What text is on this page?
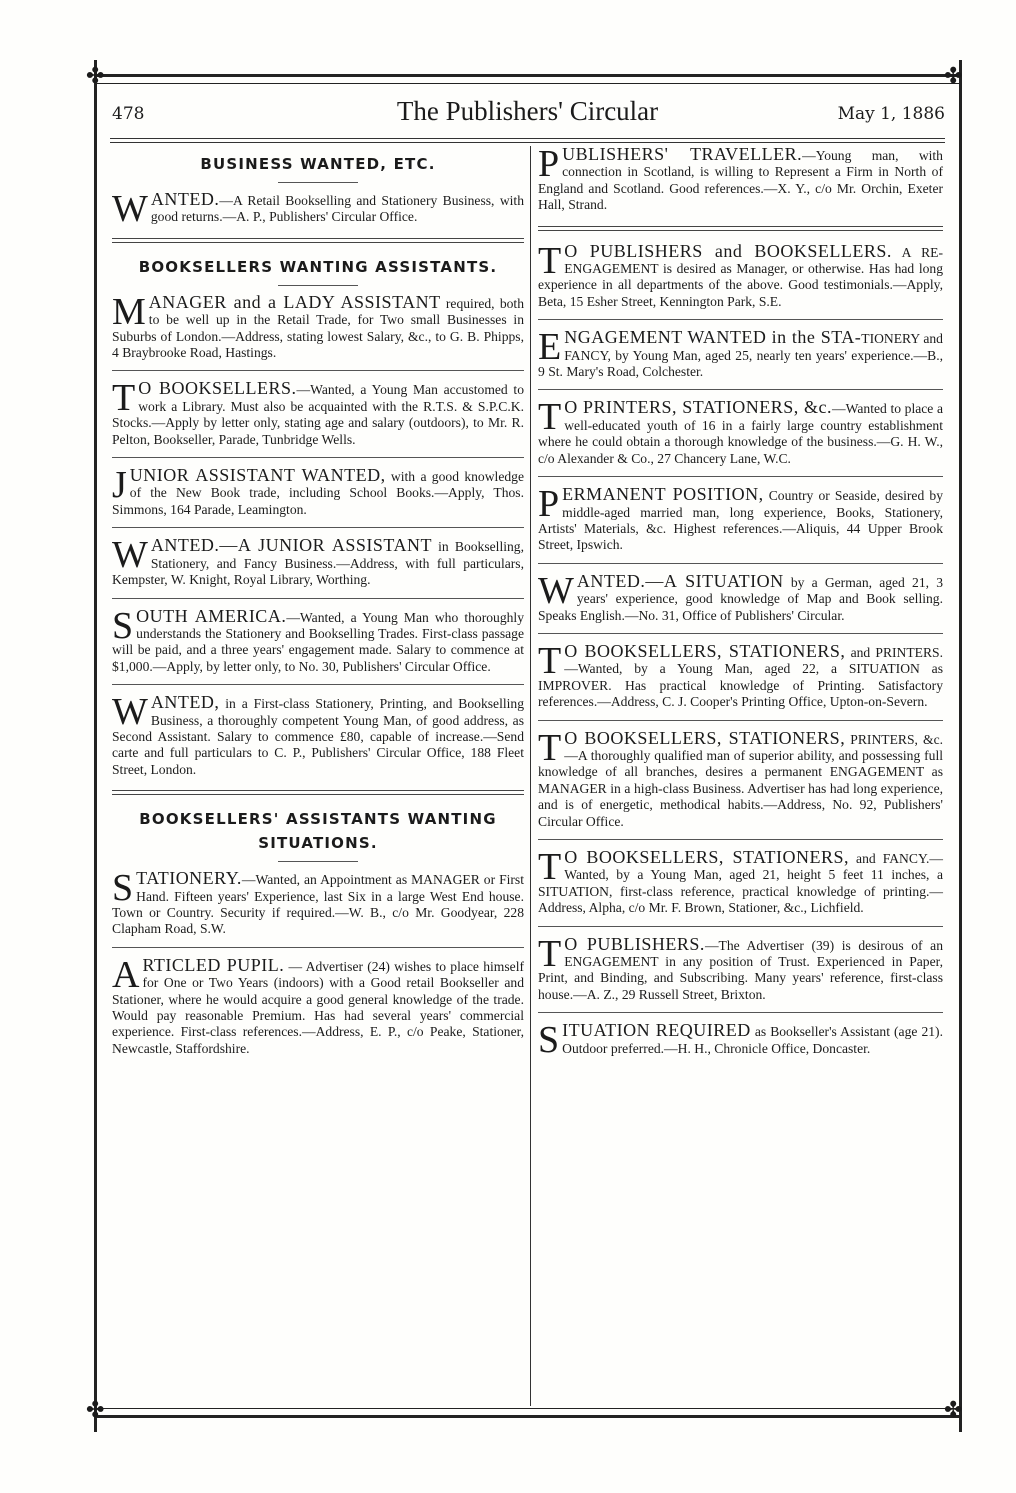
✤	✤
✤	✤
478	The Publishers' Circular	May 1, 1886
BUSINESS WANTED, ETC.
WANTED.—A Retail Bookselling and Stationery Business, with good returns.—A. P., Publishers' Circular Office.
BOOKSELLERS WANTING ASSISTANTS.
MANAGER and a LADY ASSISTANT required, both to be well up in the Retail Trade, for Two small Businesses in Suburbs of London.—Address, stating lowest Salary, &c., to G. B. Phipps, 4 Braybrooke Road, Hastings.
T O BOOKSELLERS.—Wanted, a Young Man accustomed to work a Library. Must also be acquainted with the R.T.S. & S.P.C.K. Stocks.—Apply by letter only, stating age and salary (outdoors), to Mr. R. Pelton, Bookseller, Parade, Tunbridge Wells.
JUNIOR ASSISTANT WANTED, with a good knowledge of the New Book trade, including School Books.—Apply, Thos. Simmons, 164 Parade, Leamington.
WANTED.—A JUNIOR ASSISTANT in Bookselling, Stationery, and Fancy Business.—Address, with full particulars, Kempster, W. Knight, Royal Library, Worthing.
SOUTH AMERICA.—Wanted, a Young Man who thoroughly understands the Stationery and Bookselling Trades. First-class passage will be paid, and a three years' engagement made. Salary to commence at $1,000.—Apply, by letter only, to No. 30, Publishers' Circular Office.
WANTED, in a First-class Stationery, Printing, and Bookselling Business, a thoroughly competent Young Man, of good address, as Second Assistant. Salary to commence £80, capable of increase.—Send carte and full particulars to C. P., Publishers' Circular Office, 188 Fleet Street, London.
BOOKSELLERS' ASSISTANTS WANTING
SITUATIONS.
STATIONERY.—Wanted, an Appointment as MANAGER or First Hand. Fifteen years' Experience, last Six in a large West End house. Town or Country. Security if required.—W. B., c/o Mr. Goodyear, 228 Clapham Road, S.W.
ARTICLED PUPIL. — Advertiser (24) wishes to place himself for One or Two Years (indoors) with a Good retail Bookseller and Stationer, where he would acquire a good general knowledge of the trade. Would pay reasonable Premium. Has had several years' commercial experience. First-class references.—Address, E. P., c/o Peake, Stationer, Newcastle, Staffordshire.
PUBLISHERS' TRAVELLER.—Young man, with connection in Scotland, is willing to Represent a Firm in North of England and Scotland. Good references.—X. Y., c/o Mr. Orchin, Exeter Hall, Strand.
T O PUBLISHERS and BOOKSELLERS. A RE-ENGAGEMENT is desired as Manager, or otherwise. Has had long experience in all departments of the above. Good testimonials.—Apply, Beta, 15 Esher Street, Kennington Park, S.E.
ENGAGEMENT WANTED in the STA-TIONERY and FANCY, by Young Man, aged 25, nearly ten years' experience.—B., 9 St. Mary's Road, Colchester.
T O PRINTERS, STATIONERS, &c.—Wanted to place a well-educated youth of 16 in a fairly large country establishment where he could obtain a thorough knowledge of the business.—G. H. W., c/o Alexander & Co., 27 Chancery Lane, W.C.
PERMANENT POSITION, Country or Seaside, desired by middle-aged married man, long experience, Books, Stationery, Artists' Materials, &c. Highest references.—Aliquis, 44 Upper Brook Street, Ipswich.
WANTED.—A SITUATION by a German, aged 21, 3 years' experience, good knowledge of Map and Book selling. Speaks English.—No. 31, Office of Publishers' Circular.
T O BOOKSELLERS, STATIONERS, and PRINTERS.—Wanted, by a Young Man, aged 22, a SITUATION as IMPROVER. Has practical knowledge of Printing. Satisfactory references.—Address, C. J. Cooper's Printing Office, Upton-on-Severn.
T O BOOKSELLERS, STATIONERS, PRINTERS, &c.—A thoroughly qualified man of superior ability, and possessing full knowledge of all branches, desires a permanent ENGAGEMENT as MANAGER in a high-class Business. Advertiser has had long experience, and is of energetic, methodical habits.—Address, No. 92, Publishers' Circular Office.
T O BOOKSELLERS, STATIONERS, and FANCY.—Wanted, by a Young Man, aged 21, height 5 feet 11 inches, a SITUATION, first-class reference, practical knowledge of printing.—Address, Alpha, c/o Mr. F. Brown, Stationer, &c., Lichfield.
T O PUBLISHERS.—The Advertiser (39) is desirous of an ENGAGEMENT in any position of Trust. Experienced in Paper, Print, and Binding, and Subscribing. Many years' reference, first-class house.—A. Z., 29 Russell Street, Brixton.
SITUATION REQUIRED as Bookseller's Assistant (age 21). Outdoor preferred.—H. H., Chronicle Office, Doncaster.
